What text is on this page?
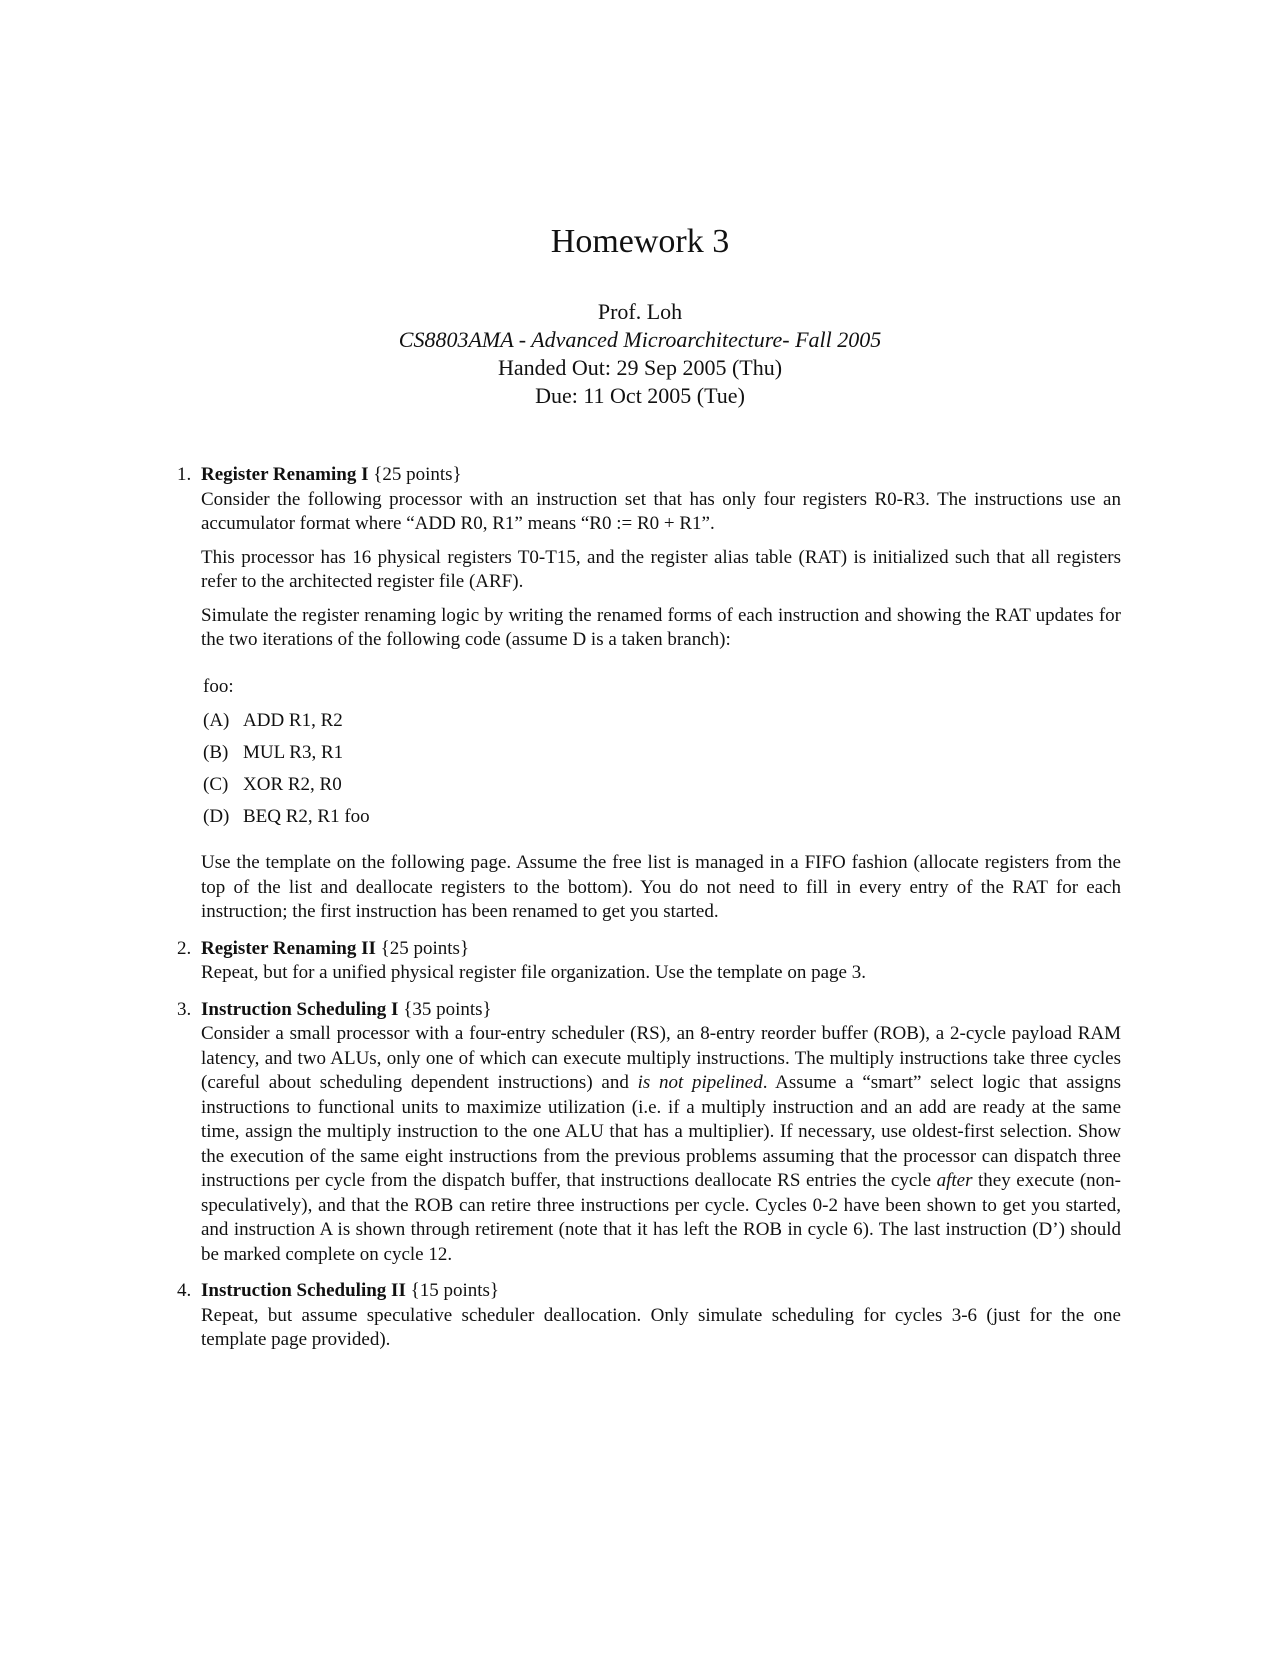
Homework 3
Prof. Loh
CS8803AMA - Advanced Microarchitecture- Fall 2005
Handed Out: 29 Sep 2005 (Thu)
Due: 11 Oct 2005 (Tue)
1. Register Renaming I { 25 points }
Consider the following processor with an instruction set that has only four registers R0-R3. The instructions use an accumulator format where “ADD R0, R1” means “R0 := R0 + R1”.

This processor has 16 physical registers T0-T15, and the register alias table (RAT) is initialized such that all registers refer to the architected register file (ARF).

Simulate the register renaming logic by writing the renamed forms of each instruction and showing the RAT updates for the two iterations of the following code (assume D is a taken branch):

foo:
(A) ADD R1, R2
(B) MUL R3, R1
(C) XOR R2, R0
(D) BEQ R2, R1 foo

Use the template on the following page. Assume the free list is managed in a FIFO fashion (allocate registers from the top of the list and deallocate registers to the bottom). You do not need to fill in every entry of the RAT for each instruction; the first instruction has been renamed to get you started.

2. Register Renaming II { 25 points }
Repeat, but for a unified physical register file organization. Use the template on page 3.

3. Instruction Scheduling I { 35 points }
Consider a small processor with a four-entry scheduler (RS), an 8-entry reorder buffer (ROB), a 2-cycle payload RAM latency, and two ALUs, only one of which can execute multiply instructions. The multiply instructions take three cycles (careful about scheduling dependent instructions) and is not pipelined. Assume a “smart” select logic that assigns instructions to functional units to maximize utilization (i.e. if a multiply instruction and an add are ready at the same time, assign the multiply instruction to the one ALU that has a multiplier). If necessary, use oldest-first selection. Show the execution of the same eight instructions from the previous problems assuming that the processor can dispatch three instructions per cycle from the dispatch buffer, that instructions deallocate RS entries the cycle after they execute (non-speculatively), and that the ROB can retire three instructions per cycle. Cycles 0-2 have been shown to get you started, and instruction A is shown through retirement (note that it has left the ROB in cycle 6). The last instruction (D’) should be marked complete on cycle 12.

4. Instruction Scheduling II { 15 points }
Repeat, but assume speculative scheduler deallocation. Only simulate scheduling for cycles 3-6 (just for the one template page provided).
